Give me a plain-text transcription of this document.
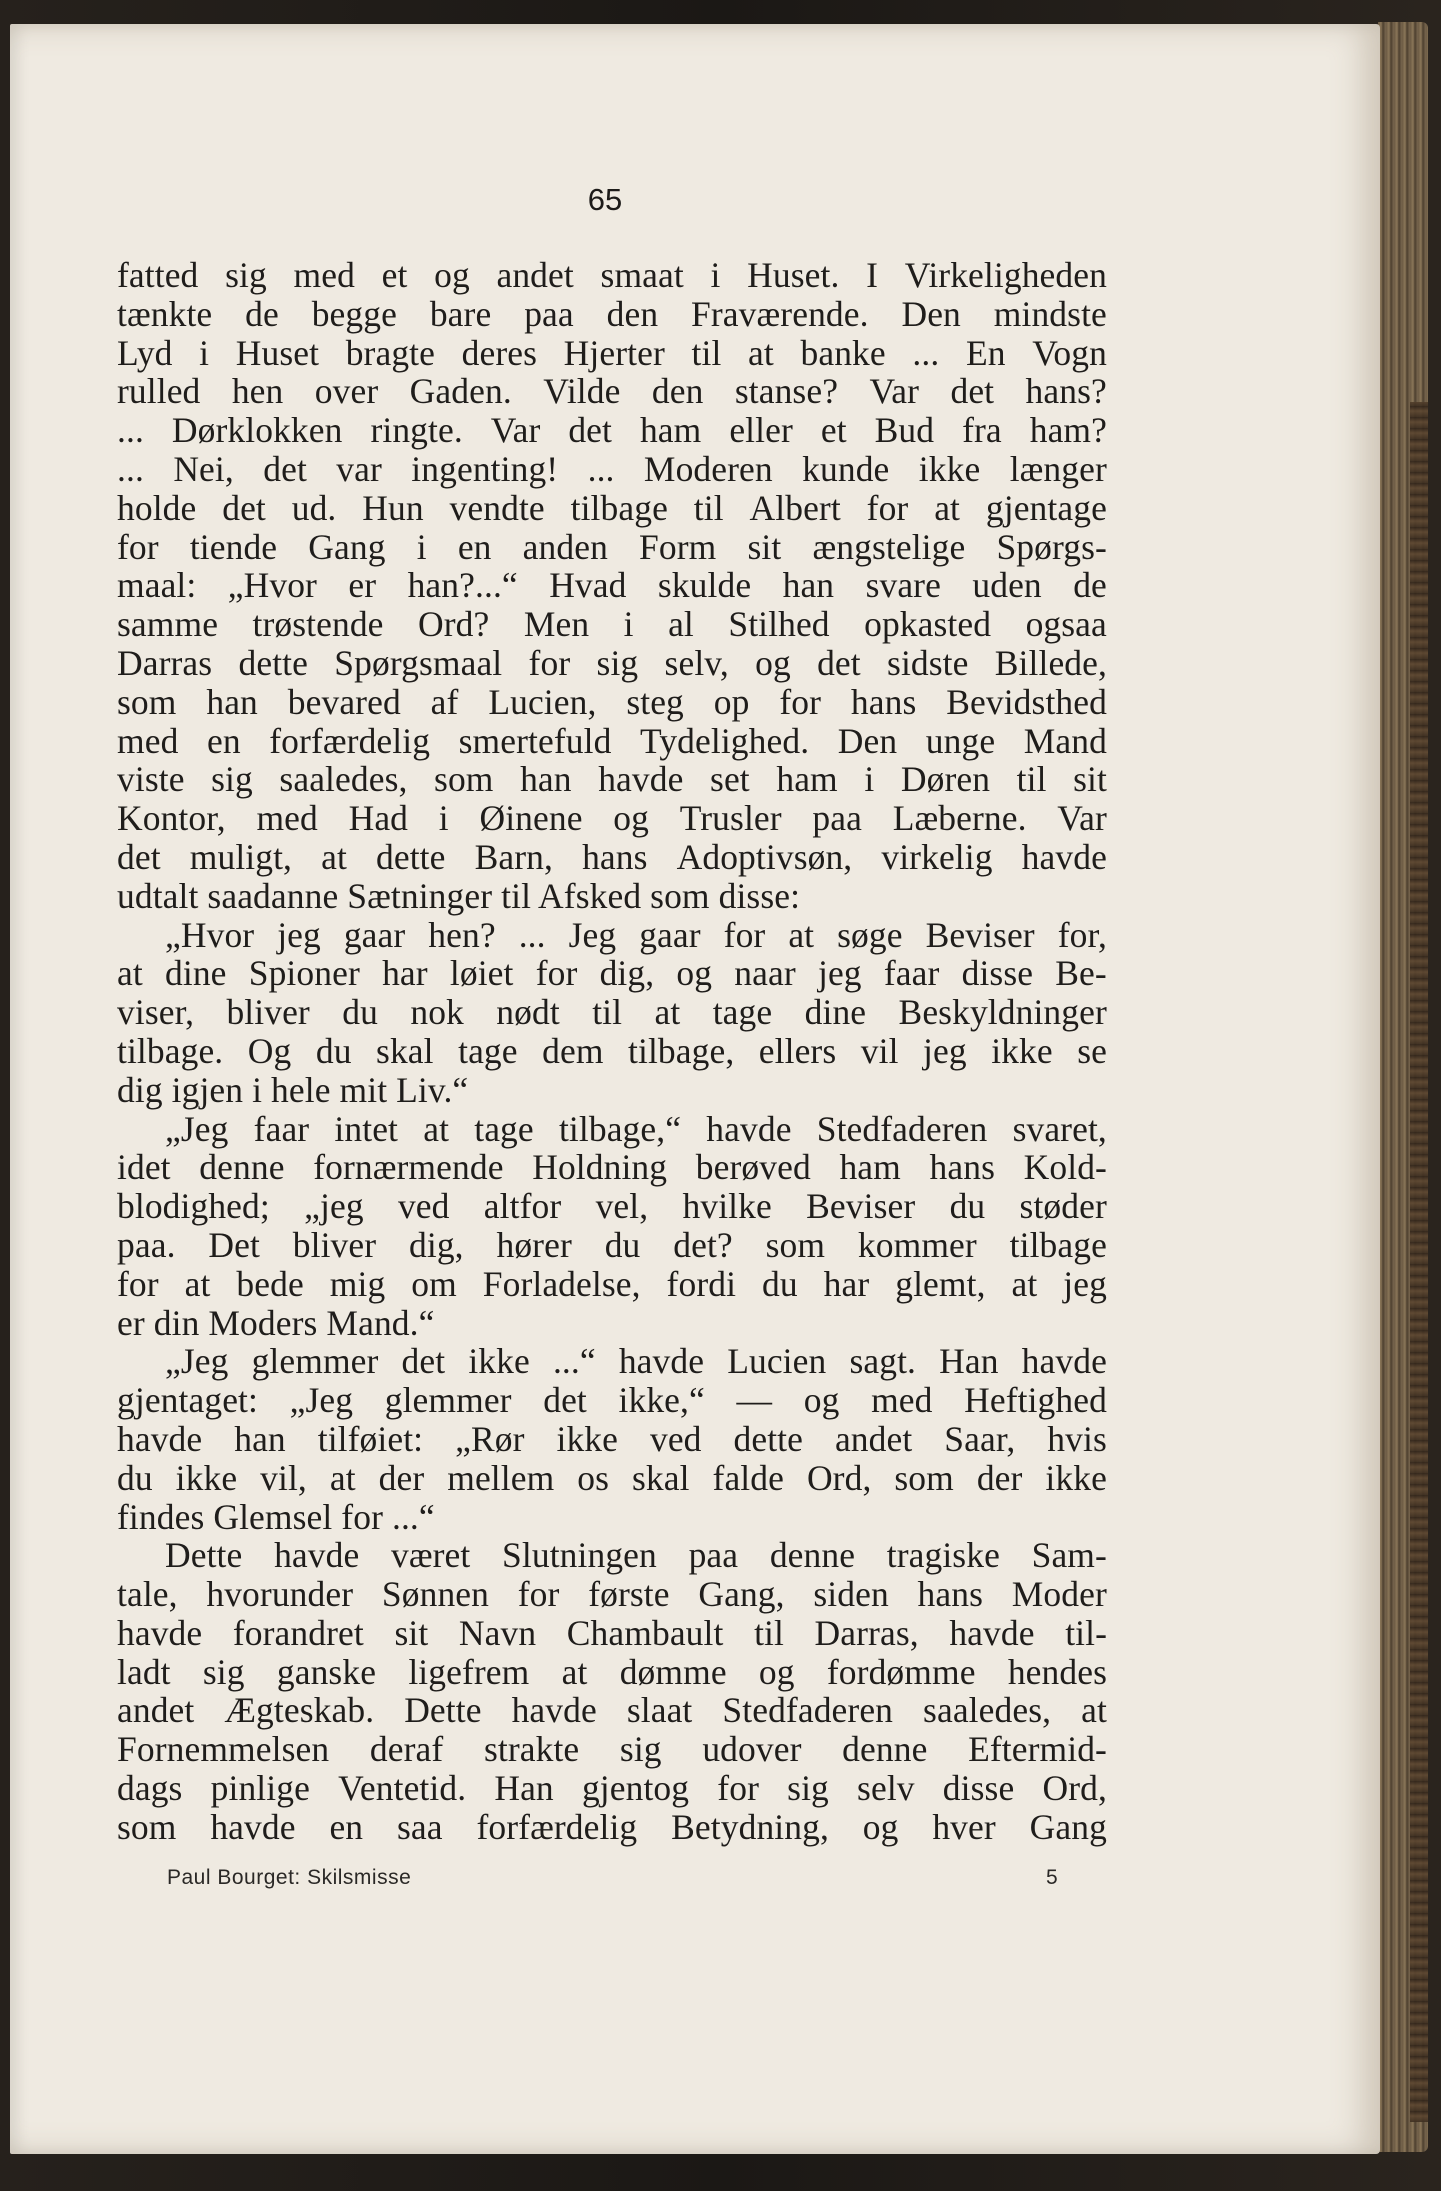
65
fatted sig med et og andet smaat i Huset. I Virkeligheden
tænkte de begge bare paa den Fraværende. Den mindste
Lyd i Huset bragte deres Hjerter til at banke ... En Vogn
rulled hen over Gaden. Vilde den stanse? Var det hans?
... Dørklokken ringte. Var det ham eller et Bud fra ham?
... Nei, det var ingenting! ... Moderen kunde ikke længer
holde det ud. Hun vendte tilbage til Albert for at gjentage
for tiende Gang i en anden Form sit ængstelige Spørgs-
maal: „Hvor er han?...“ Hvad skulde han svare uden de
samme trøstende Ord? Men i al Stilhed opkasted ogsaa
Darras dette Spørgsmaal for sig selv, og det sidste Billede,
som han bevared af Lucien, steg op for hans Bevidsthed
med en forfærdelig smertefuld Tydelighed. Den unge Mand
viste sig saaledes, som han havde set ham i Døren til sit
Kontor, med Had i Øinene og Trusler paa Læberne. Var
det muligt, at dette Barn, hans Adoptivsøn, virkelig havde
udtalt saadanne Sætninger til Afsked som disse:
„Hvor jeg gaar hen? ... Jeg gaar for at søge Beviser for,
at dine Spioner har løiet for dig, og naar jeg faar disse Be-
viser, bliver du nok nødt til at tage dine Beskyldninger
tilbage. Og du skal tage dem tilbage, ellers vil jeg ikke se
dig igjen i hele mit Liv.“
„Jeg faar intet at tage tilbage,“ havde Stedfaderen svaret,
idet denne fornærmende Holdning berøved ham hans Kold-
blodighed; „jeg ved altfor vel, hvilke Beviser du støder
paa. Det bliver dig, hører du det? som kommer tilbage
for at bede mig om Forladelse, fordi du har glemt, at jeg
er din Moders Mand.“
„Jeg glemmer det ikke ...“ havde Lucien sagt. Han havde
gjentaget: „Jeg glemmer det ikke,“ — og med Heftighed
havde han tilføiet: „Rør ikke ved dette andet Saar, hvis
du ikke vil, at der mellem os skal falde Ord, som der ikke
findes Glemsel for ...“
Dette havde været Slutningen paa denne tragiske Sam-
tale, hvorunder Sønnen for første Gang, siden hans Moder
havde forandret sit Navn Chambault til Darras, havde til-
ladt sig ganske ligefrem at dømme og fordømme hendes
andet Ægteskab. Dette havde slaat Stedfaderen saaledes, at
Fornemmelsen deraf strakte sig udover denne Eftermid-
dags pinlige Ventetid. Han gjentog for sig selv disse Ord,
som havde en saa forfærdelig Betydning, og hver Gang
Paul Bourget: Skilsmisse	5
